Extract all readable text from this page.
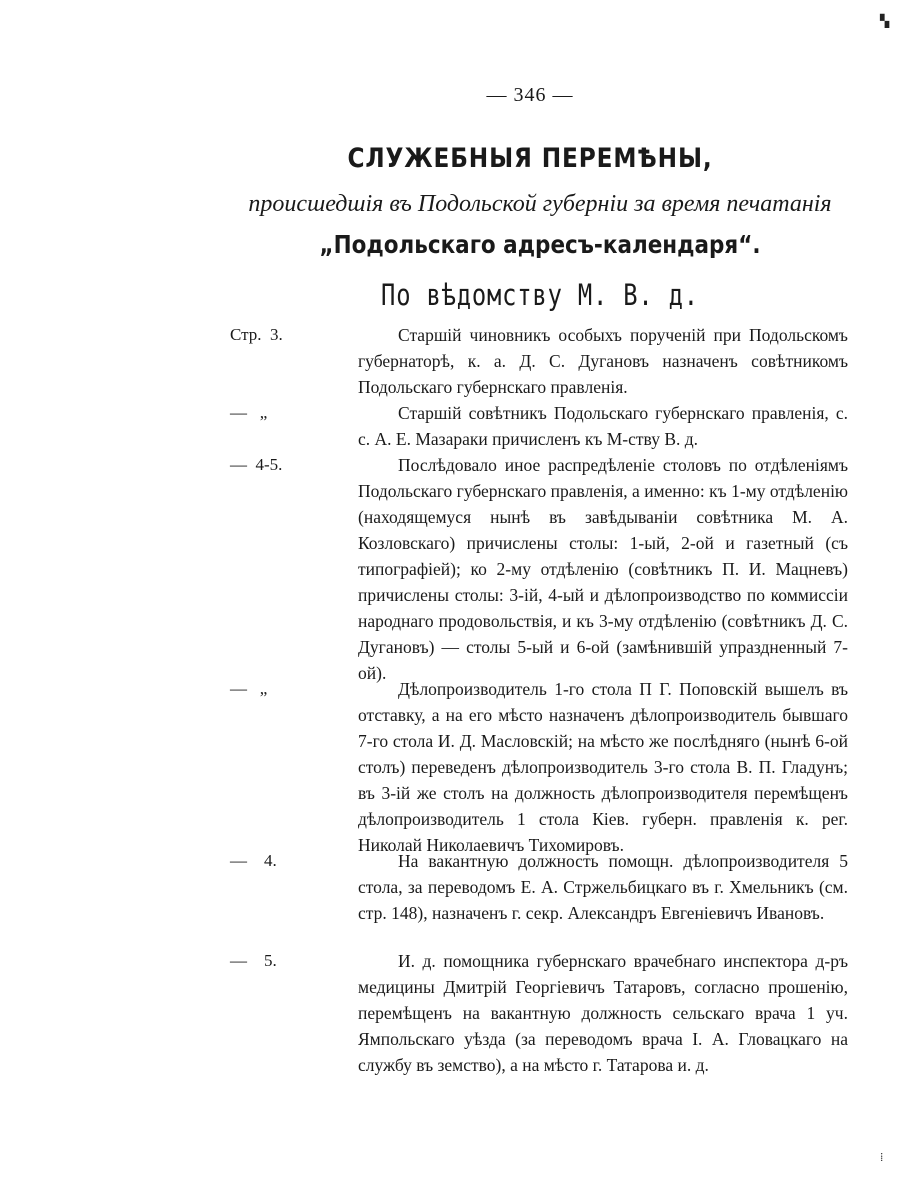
— 346 —
СЛУЖЕБНЫЯ ПЕРЕМѢНЫ,
происшедшія въ Подольской губерніи за время печатанія
„Подольскаго адресъ-календаря“.
По вѣдомству М. В. д.
Стр.  3.	Старшій чиновникъ особыхъ порученій при Подольскомъ губернаторѣ, к. а. Д. С. Дугановъ назначенъ совѣтникомъ Подольскаго губернскаго правленія.
—   „	Старшій совѣтникъ Подольскаго губернскаго правленія, с. с. А. Е. Мазараки причисленъ къ М-ству В. д.
—  4-5.	Послѣдовало иное распредѣленіе столовъ по отдѣленіямъ Подольскаго губернскаго правленія, а именно: къ 1-му отдѣленію (находящемуся нынѣ въ завѣдываніи совѣтника М. А. Козловскаго) причислены столы: 1-ый, 2-ой и газетный (съ типографіей); ко 2-му отдѣленію (совѣтникъ П. И. Мацневъ) причислены столы: 3-ій, 4-ый и дѣлопроизводство по коммиссіи народнаго продовольствія, и къ 3-му отдѣленію (совѣтникъ Д. С. Дугановъ) — столы 5-ый и 6-ой (замѣнившій упраздненный 7-ой).
—   „	Дѣлопроизводитель 1-го стола П Г. Поповскій вышелъ въ отставку, а на его мѣсто назначенъ дѣлопроизводитель бывшаго 7-го стола И. Д. Масловскій; на мѣсто же послѣдняго (нынѣ 6-ой столъ) переведенъ дѣлопроизводитель 3-го стола В. П. Гладунъ; въ 3-ій же столъ на должность дѣлопроизводителя перемѣщенъ дѣлопроизводитель 1 стола Кіев. губерн. правленія к. рег. Николай Николаевичъ Тихомировъ.
—    4.	На вакантную должность помощн. дѣлопроизводителя 5 стола, за переводомъ Е. А. Стржельбицкаго въ г. Хмельникъ (см. стр. 148), назначенъ г. секр. Александръ Евгеніевичъ Ивановъ.
—    5.	И. д. помощника губернскаго врачебнаго инспектора д-ръ медицины Дмитрій Георгіевичъ Татаровъ, согласно прошенію, перемѣщенъ на вакантную должность сельскаго врача 1 уч. Ямпольскаго уѣзда (за переводомъ врача І. А. Гловацкаго на службу въ земство), а на мѣсто г. Татарова и. д.
▚
⁞
